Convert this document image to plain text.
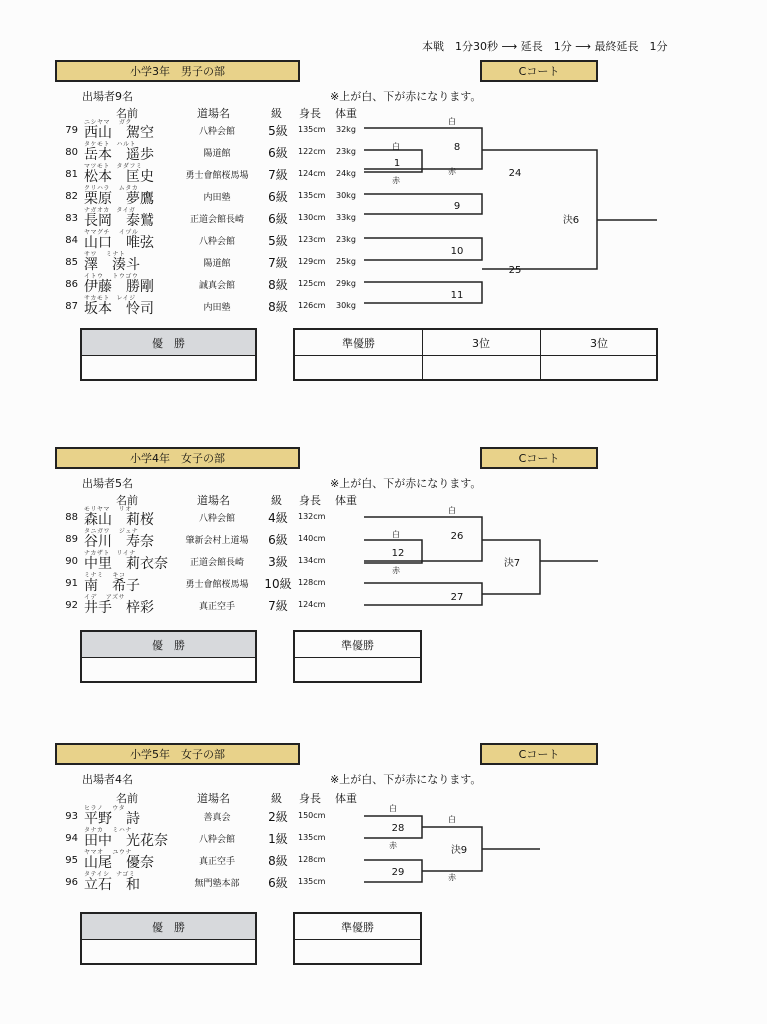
本戦　1分30秒 ⟶ 延長　1分 ⟶ 最終延長　1分
小学3年　男子の部	Cコート
出場者9名	※上が白、下が赤になります。
名前	道場名	級 身長 体重
79
ニシヤマ　 ガク
西山　駕空	八粋会館	5級	135cm 32kg
80
タケモト　ハルト
岳本　遥歩	陽道館	6級	122cm 23kg
81
マツモト　タダフミ
松本　匡史	勇士會館桜馬場	7級	124cm 24kg
82
クリハラ　 ムタカ
栗原　夢鷹	内田塾	6級	135cm 30kg
83
ナガオカ　タイガ
長岡　泰鷲	正道会館長崎	6級	130cm 33kg
84
ヤマグチ　 イヅル
山口　唯弦	八粋会館	5級	123cm 23kg
85
サワ　 ミナト
澤　湊斗	陽道館	7級	129cm 25kg
86
イトウ　 トウゴウ
伊藤　勝剛	誠真会館	8級	125cm 29kg
87
サカモト　レイジ
坂本　怜司	内田塾	8級	126cm 30kg
白
赤
白
赤
8
1
9
24
10
11
25
決6
優　勝	準優勝	3位	3位
小学4年　女子の部	Cコート
出場者5名	※上が白、下が赤になります。
名前	道場名	級 身長 体重
88
モリヤマ　 リオ
森山　莉桜	八粋会館	4級	132cm
89
タニガワ　 ジュナ
谷川　寿奈	肇新会村上道場	6級	140cm
90
ナカザト　リイナ
中里　莉衣奈	正道会館長崎	3級	134cm
91
ミナミ　 キコ
南　希子	勇士會館桜馬場	10級 128cm
92
イデ　 アズサ
井手　梓彩	真正空手	7級	124cm
白
白
赤
26
12
27
決7
優　勝	準優勝
小学5年　女子の部	Cコート
出場者4名	※上が白、下が赤になります。
名前	道場名	級 身長 体重
93
ヒラノ　 ウタ
平野　詩	善真会	2級	150cm
94
タナカ　 ミハナ
田中　光花奈	八粋会館	1級	135cm
95
ヤマオ　 ユウナ
山尾　優奈	真正空手	8級	128cm
96
タテイシ　ナゴミ
立石　和	無門塾本部	6級	135cm
白
赤
白
赤
28
29
決9
優　勝	準優勝
